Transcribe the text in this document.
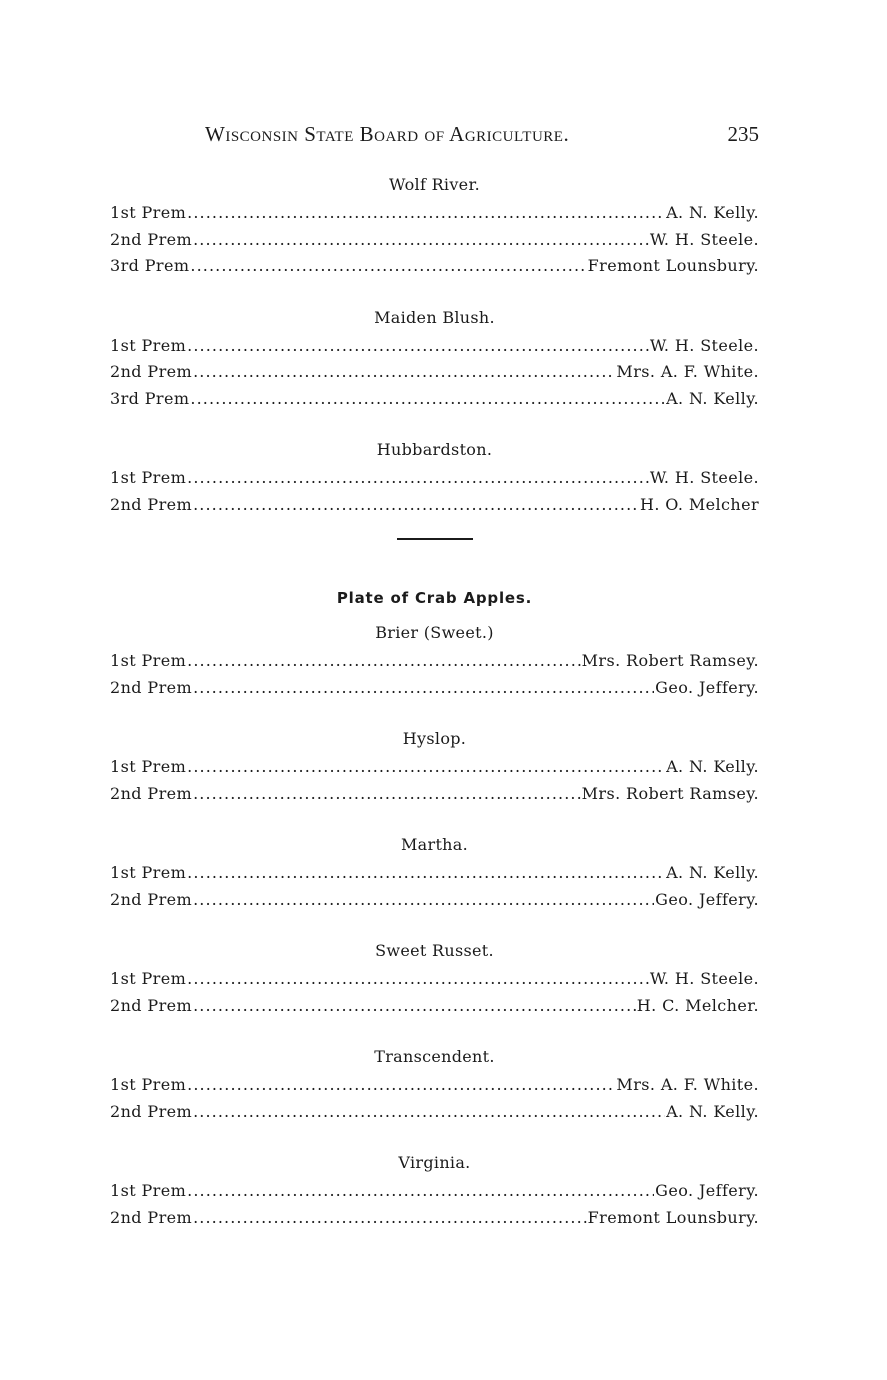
Wisconsin State Board of Agriculture.	235
Wolf River.
1st Prem .....	A. N. Kelly.
2nd Prem .....	W. H. Steele.
3rd Prem .....	Fremont Lounsbury.
Maiden Blush.
1st Prem .....	W. H. Steele.
2nd Prem .....	Mrs. A. F. White.
3rd Prem .....	A. N. Kelly.
Hubbardston.
1st Prem .....	W. H. Steele.
2nd Prem .....	H. O. Melcher
Plate of Crab Apples.
Brier (Sweet.)
1st Prem .....	Mrs. Robert Ramsey.
2nd Prem .....	Geo. Jeffery.
Hyslop.
1st Prem .....	A. N. Kelly.
2nd Prem .....	Mrs. Robert Ramsey.
Martha.
1st Prem .....	A. N. Kelly.
2nd Prem .....	Geo. Jeffery.
Sweet Russet.
1st Prem .....	W. H. Steele.
2nd Prem .....	H. C. Melcher.
Transcendent.
1st Prem .....	Mrs. A. F. White.
2nd Prem .....	A. N. Kelly.
Virginia.
1st Prem .....	Geo. Jeffery.
2nd Prem .....	Fremont Lounsbury.
